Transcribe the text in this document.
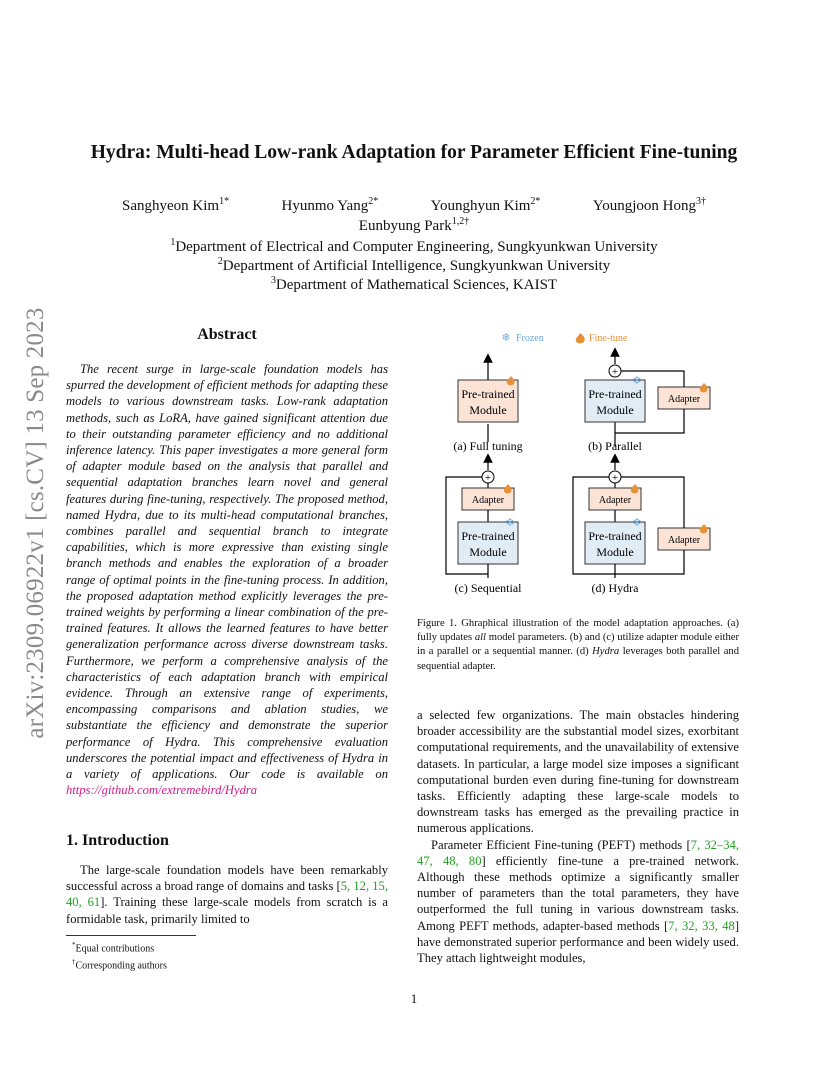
arXiv:2309.06922v1 [cs.CV] 13 Sep 2023
Hydra: Multi-head Low-rank Adaptation for Parameter Efficient Fine-tuning
Sanghyeon Kim$^{1*}$	Hyunmo Yang$^{2*}$	Younghyun Kim$^{2*}$	Youngjoon Hong$^{3\dagger}$
Eunbyung Park$^{1,2\dagger}$
$^1$Department of Electrical and Computer Engineering, Sungkyunkwan University
$^2$Department of Artificial Intelligence, Sungkyunkwan University
$^3$Department of Mathematical Sciences, KAIST
Abstract
The recent surge in large-scale foundation models has spurred the development of efficient methods for adapting these models to various downstream tasks. Low-rank adaptation methods, such as LoRA, have gained significant attention due to their outstanding parameter efficiency and no additional inference latency. This paper investigates a more general form of adapter module based on the analysis that parallel and sequential adaptation branches learn novel and general features during fine-tuning, respectively. The proposed method, named Hydra, due to its multi-head computational branches, combines parallel and sequential branch to integrate capabilities, which is more expressive than existing single branch methods and enables the exploration of a broader range of optimal points in the fine-tuning process. In addition, the proposed adaptation method explicitly leverages the pre-trained weights by performing a linear combination of the pre-trained features. It allows the learned features to have better generalization performance across diverse downstream tasks. Furthermore, we perform a comprehensive analysis of the characteristics of each adaptation branch with empirical evidence. Through an extensive range of experiments, encompassing comparisons and ablation studies, we substantiate the efficiency and demonstrate the superior performance of Hydra. This comprehensive evaluation underscores the potential impact and effectiveness of Hydra in a variety of applications. Our code is available on https://github.com/extremebird/Hydra
1. Introduction
The large-scale foundation models have been remarkably successful across a broad range of domains and tasks [5, 12, 15, 40, 61]. Training these large-scale models from scratch is a formidable task, primarily limited to
*Equal contributions
†Corresponding authors
❄ Frozen	Fine-tune
Pre-trained
Module
(a) Full tuning
+
Pre-trained
Module
❄
Adapter
(b) Parallel
+
Adapter
Pre-trained
Module
❄
(c) Sequential
+
Adapter
Pre-trained
Module
❄
Adapter
(d) Hydra
Figure 1. Ghraphical illustration of the model adaptation approaches. (a) fully updates all model parameters. (b) and (c) utilize adapter module either in a parallel or a sequential manner. (d) Hydra leverages both parallel and sequential adapter.

a selected few organizations. The main obstacles hindering broader accessibility are the substantial model sizes, exorbitant computational requirements, and the unavailability of extensive datasets. In particular, a large model size imposes a significant computational burden even during fine-tuning for downstream tasks. Efficiently adapting these large-scale models to downstream tasks has emerged as the prevailing practice in numerous applications.

Parameter Efficient Fine-tuning (PEFT) methods [7, 32–34, 47, 48, 80] efficiently fine-tune a pre-trained network. Although these methods optimize a significantly smaller number of parameters than the total parameters, they have outperformed the full tuning in various downstream tasks. Among PEFT methods, adapter-based methods [7, 32, 33, 48] have demonstrated superior performance and been widely used. They attach lightweight modules,

1
